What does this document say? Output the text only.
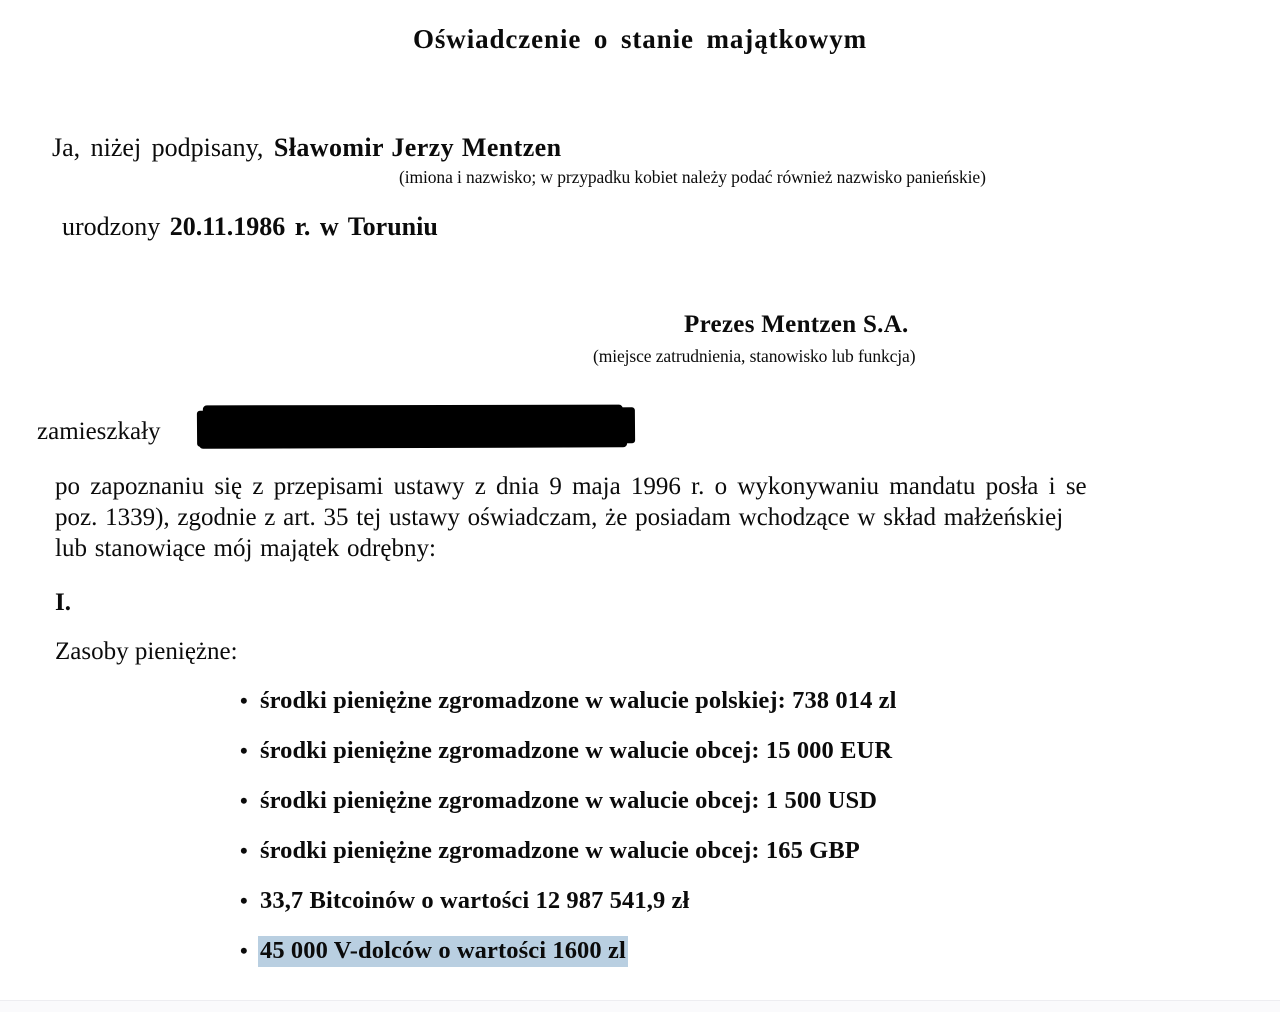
Oświadczenie o stanie majątkowym
Ja, niżej podpisany, Sławomir Jerzy Mentzen
(imiona i nazwisko; w przypadku kobiet należy podać również nazwisko panieńskie)
urodzony 20.11.1986 r. w Toruniu
Prezes Mentzen S.A.
(miejsce zatrudnienia, stanowisko lub funkcja)
zamieszkały
po zapoznaniu się z przepisami ustawy z dnia 9 maja 1996 r. o wykonywaniu mandatu posła i se
poz. 1339), zgodnie z art. 35 tej ustawy oświadczam, że posiadam wchodzące w skład małżeńskiej
lub stanowiące mój majątek odrębny:
I.
Zasoby pieniężne:
• środki pieniężne zgromadzone w walucie polskiej: 738 014 zl
• środki pieniężne zgromadzone w walucie obcej: 15 000 EUR
• środki pieniężne zgromadzone w walucie obcej: 1 500 USD
• środki pieniężne zgromadzone w walucie obcej: 165 GBP
• 33,7 Bitcoinów o wartości 12 987 541,9 zł
• 45 000 V-dolców o wartości 1600 zl
